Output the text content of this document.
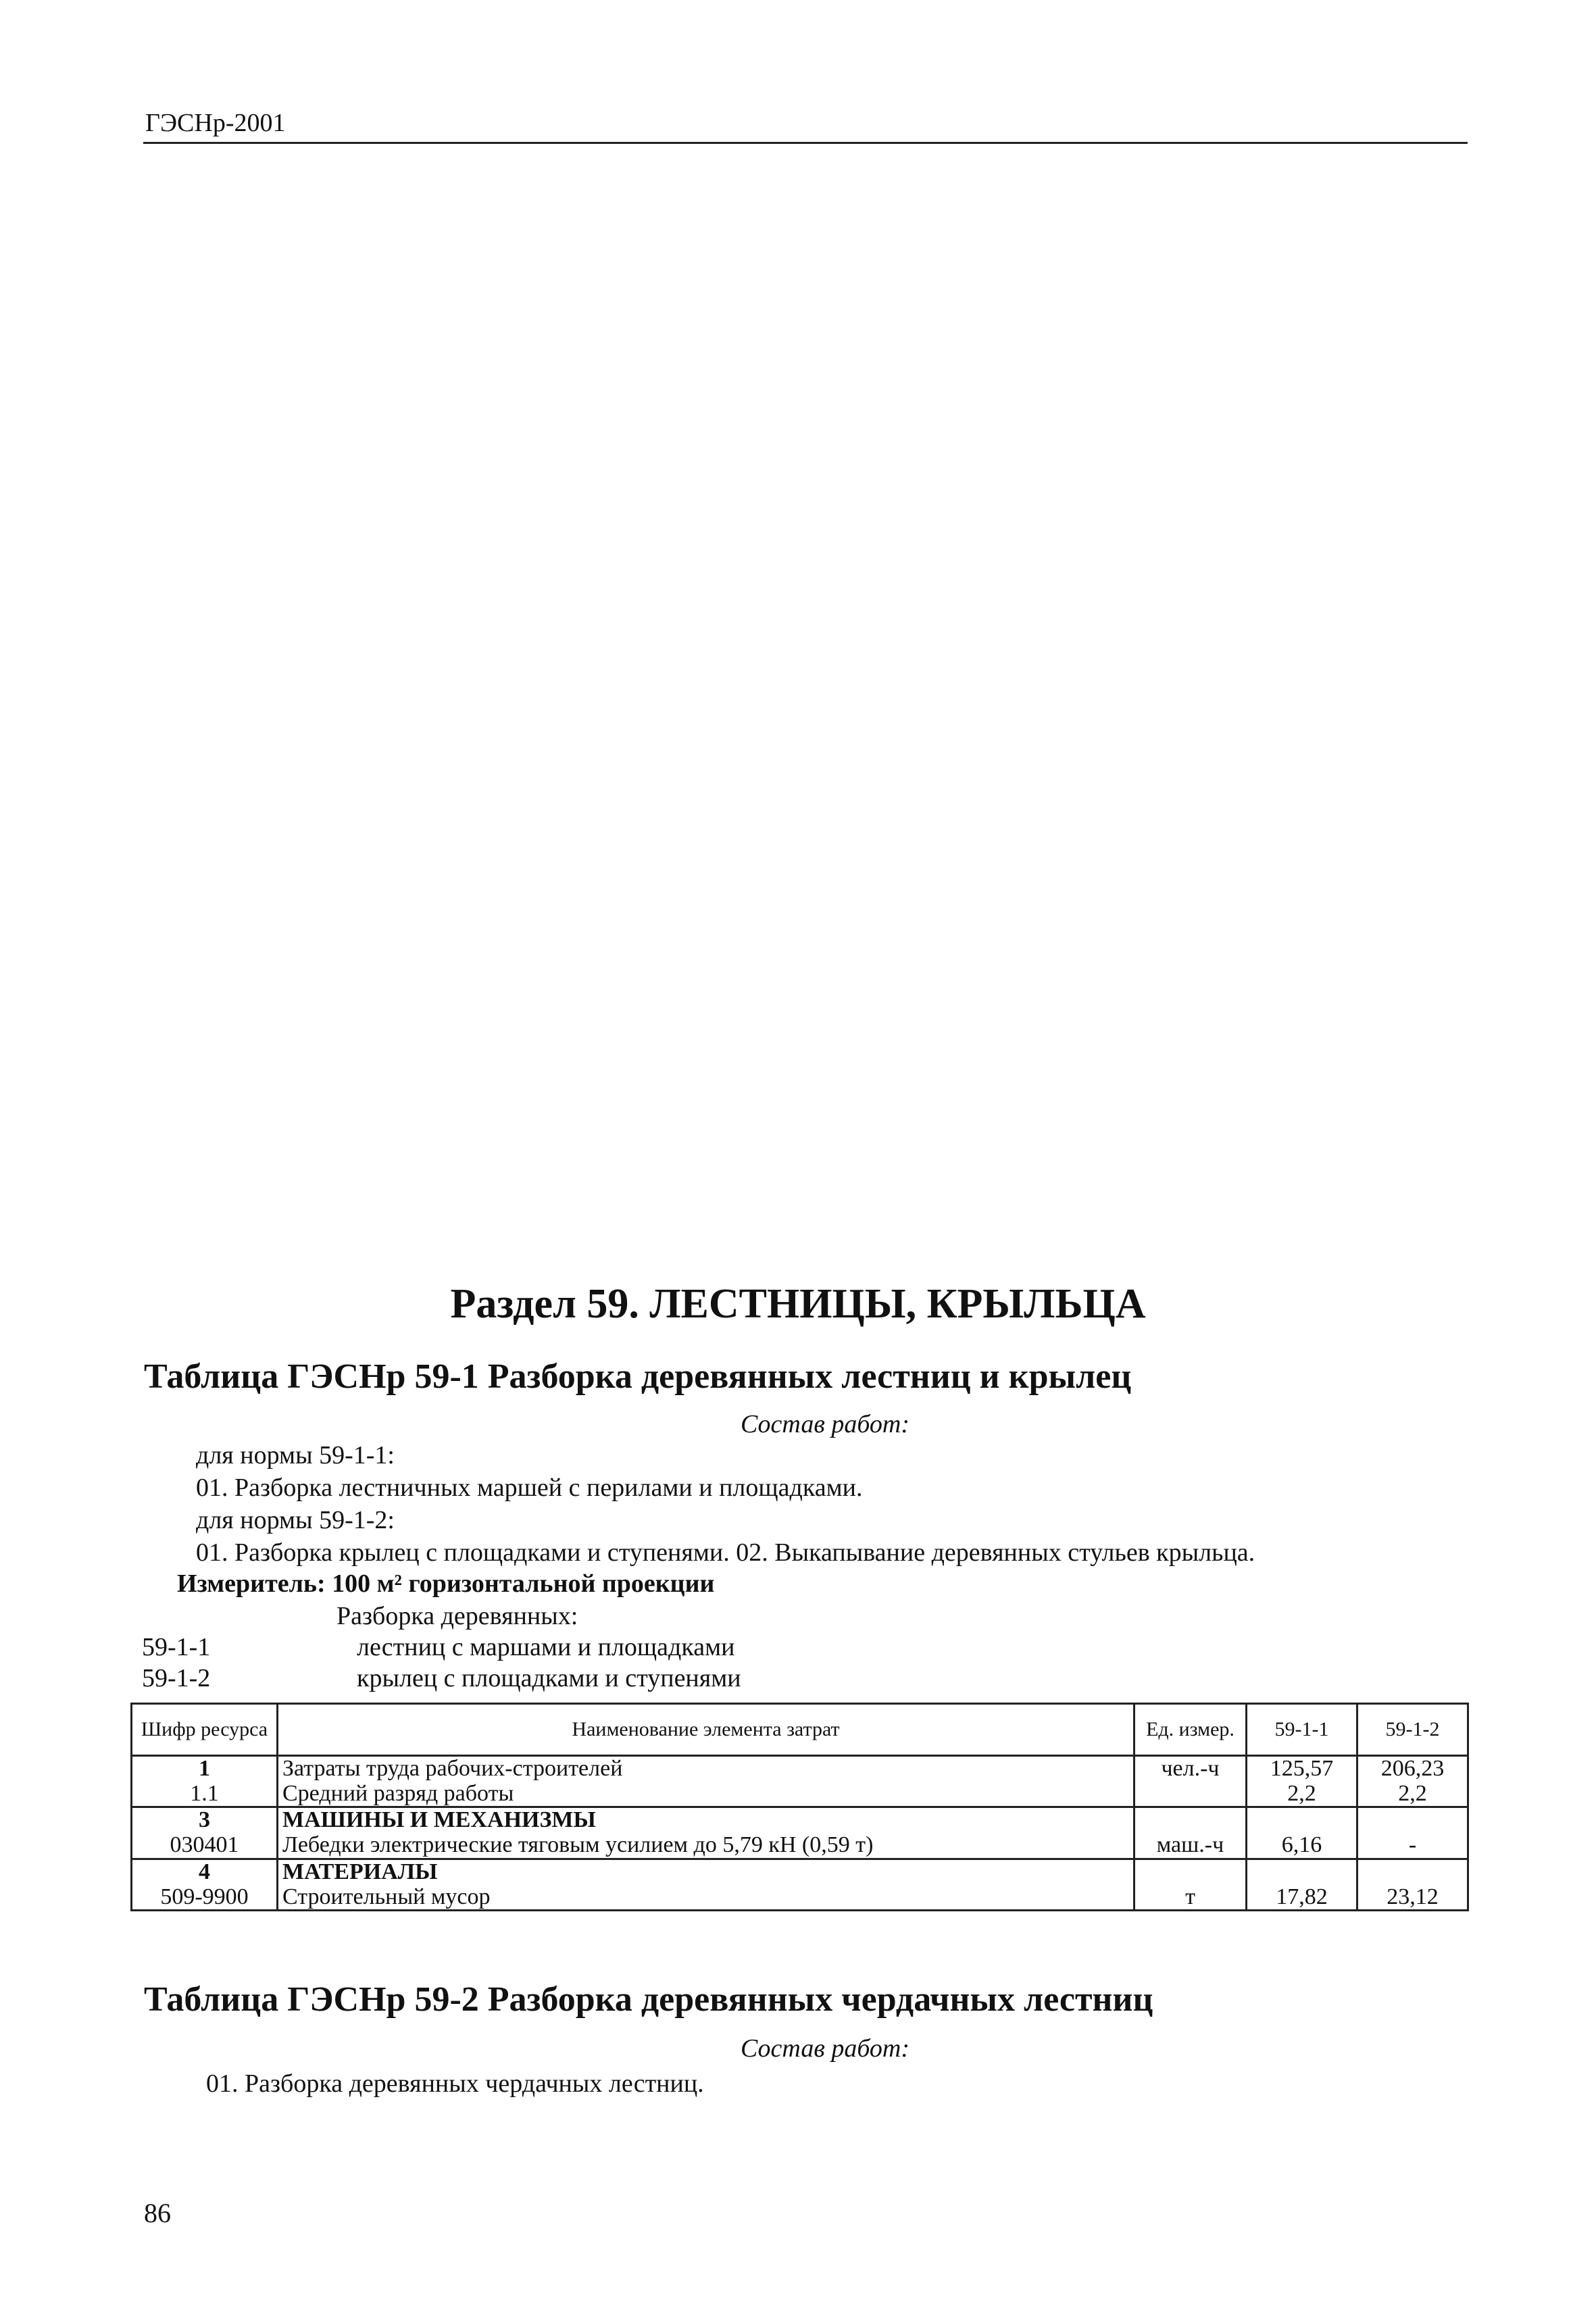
ГЭСНр-2001
Раздел 59. ЛЕСТНИЦЫ, КРЫЛЬЦА
Таблица ГЭСНр 59-1 Разборка деревянных лестниц и крылец
Состав работ:
для нормы 59-1-1:
01. Разборка лестничных маршей с перилами и площадками.
для нормы 59-1-2:
01. Разборка крылец с площадками и ступенями. 02. Выкапывание деревянных стульев крыльца.
Измеритель: 100 м² горизонтальной проекции
Разборка деревянных:
59-1-1	лестниц с маршами и площадками
59-1-2	крылец с площадками и ступенями
Шифр ресурса	Наименование элемента затрат	Ед. измер.	59-1-1	59-1-2
1	Затраты труда рабочих-строителей	чел.-ч	125,57	206,23
1.1	Средний разряд работы		2,2	2,2
3	МАШИНЫ И МЕХАНИЗМЫ			
030401	Лебедки электрические тяговым усилием до 5,79 кН (0,59 т)	маш.-ч	6,16	-
4	МАТЕРИАЛЫ			
509-9900	Строительный мусор	т	17,82	23,12
Таблица ГЭСНр 59-2 Разборка деревянных чердачных лестниц
Состав работ:
01. Разборка деревянных чердачных лестниц.
86
